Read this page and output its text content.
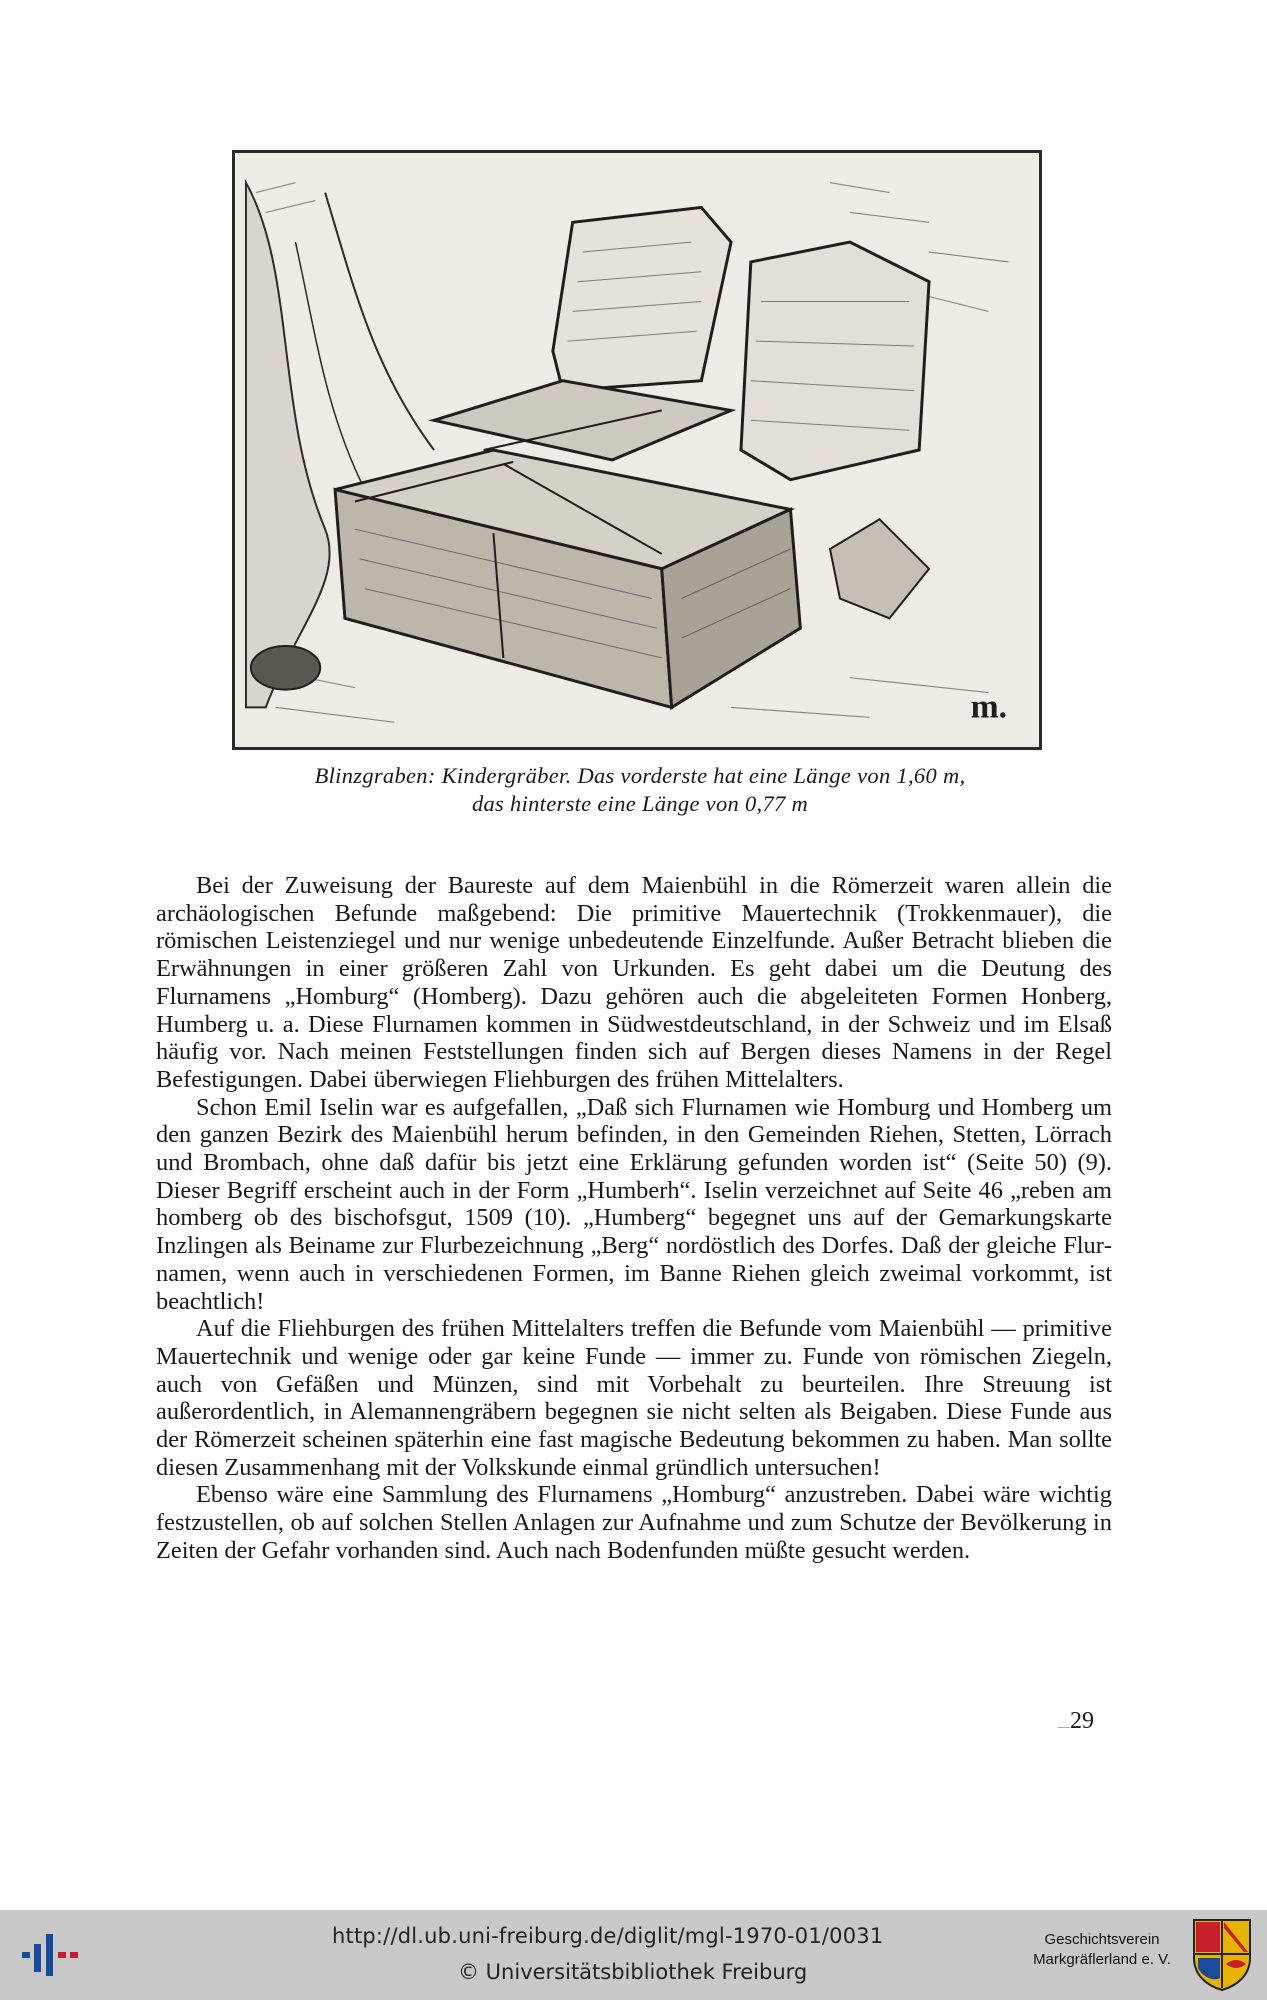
m.
Blinzgraben: Kindergräber. Das vorderste hat eine Länge von 1,60 m,
das hinterste eine Länge von 0,77 m

Bei der Zuweisung der Baureste auf dem Maienbühl in die Römerzeit waren allein die archäologischen Befunde maßgebend: Die primitive Mauertechnik (Trokkenmauer), die römischen Leistenziegel und nur wenige unbedeutende Einzelfunde. Außer Betracht blieben die Erwähnungen in einer größeren Zahl von Urkunden. Es geht dabei um die Deutung des Flurnamens „Homburg“ (Homberg). Dazu gehören auch die abgeleiteten Formen Honberg, Humberg u. a. Diese Flurnamen kommen in Südwestdeutschland, in der Schweiz und im Elsaß häufig vor. Nach meinen Feststellungen finden sich auf Bergen dieses Namens in der Regel Befestigungen. Dabei überwiegen Fliehburgen des frühen Mittelalters.

Schon Emil Iselin war es aufgefallen, „Daß sich Flurnamen wie Homburg und Homberg um den ganzen Bezirk des Maienbühl herum befinden, in den Gemeinden Riehen, Stetten, Lörrach und Brombach, ohne daß dafür bis jetzt eine Erklärung gefunden worden ist“ (Seite 50) (9). Dieser Begriff erscheint auch in der Form „Humberh“. Iselin verzeichnet auf Seite 46 „reben am homberg ob des bischofsgut, 1509 (10). „Humberg“ begegnet uns auf der Gemarkungskarte Inzlingen als Beiname zur Flurbezeichnung „Berg“ nordöstlich des Dorfes. Daß der gleiche Flurnamen, wenn auch in verschiedenen Formen, im Banne Riehen gleich zweimal vorkommt, ist beachtlich!

Auf die Fliehburgen des frühen Mittelalters treffen die Befunde vom Maienbühl — primitive Mauertechnik und wenige oder gar keine Funde — immer zu. Funde von römischen Ziegeln, auch von Gefäßen und Münzen, sind mit Vorbehalt zu beurteilen. Ihre Streuung ist außerordentlich, in Alemannengräbern begegnen sie nicht selten als Beigaben. Diese Funde aus der Römerzeit scheinen späterhin eine fast magische Bedeutung bekommen zu haben. Man sollte diesen Zusammenhang mit der Volkskunde einmal gründlich untersuchen!

Ebenso wäre eine Sammlung des Flurnamens „Homburg“ anzustreben. Dabei wäre wichtig festzustellen, ob auf solchen Stellen Anlagen zur Aufnahme und zum Schutze der Bevölkerung in Zeiten der Gefahr vorhanden sind. Auch nach Bodenfunden müßte gesucht werden.

29
http://dl.ub.uni-freiburg.de/diglit/mgl-1970-01/0031
© Universitätsbibliothek Freiburg
Geschichtsverein
Markgräflerland e. V.
